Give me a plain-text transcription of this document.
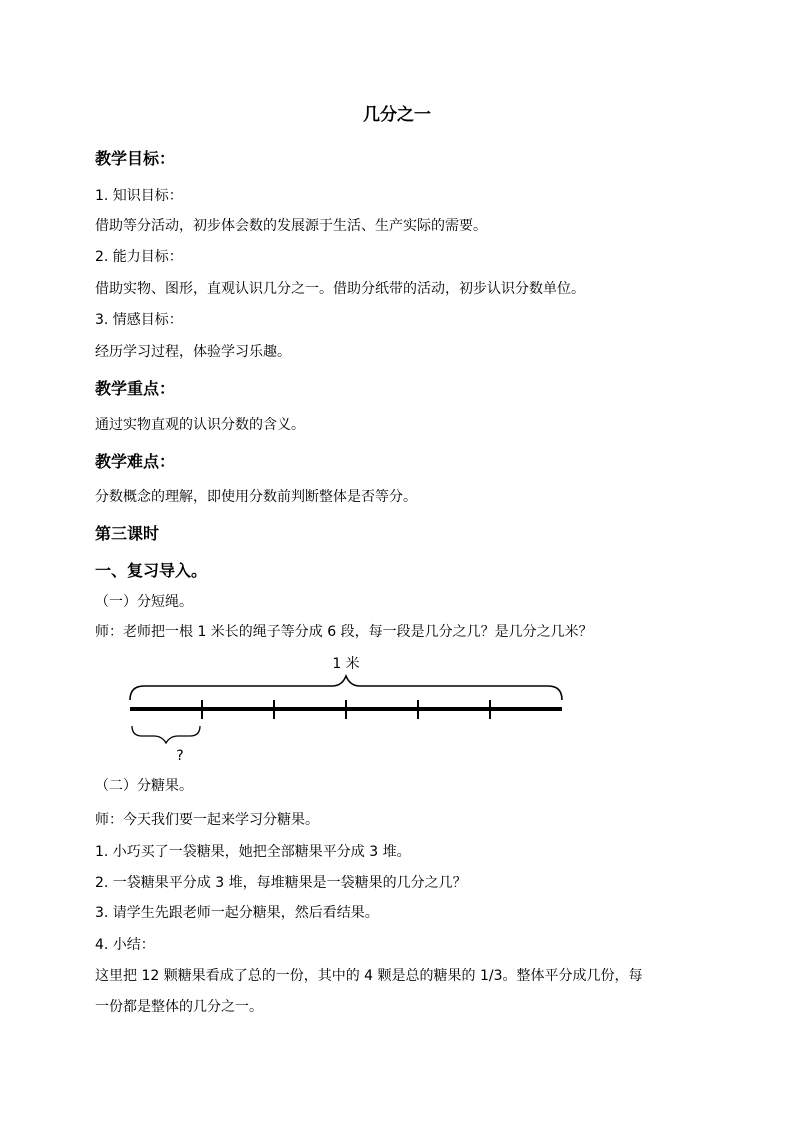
几分之一
教学目标：
1. 知识目标：
借助等分活动，初步体会数的发展源于生活、生产实际的需要。
2. 能力目标：
借助实物、图形，直观认识几分之一。借助分纸带的活动，初步认识分数单位。
3. 情感目标：
经历学习过程，体验学习乐趣。
教学重点：
通过实物直观的认识分数的含义。
教学难点：
分数概念的理解，即使用分数前判断整体是否等分。
第三课时
一、复习导入。
（一）分短绳。
师：老师把一根 1 米长的绳子等分成 6 段，每一段是几分之几？是几分之几米？
1 米
?
（二）分糖果。
师：今天我们要一起来学习分糖果。
1. 小巧买了一袋糖果，她把全部糖果平分成 3 堆。
2. 一袋糖果平分成 3 堆，每堆糖果是一袋糖果的几分之几？
3. 请学生先跟老师一起分糖果，然后看结果。
4. 小结：
这里把 12 颗糖果看成了总的一份，其中的 4 颗是总的糖果的 1/3。整体平分成几份，每
一份都是整体的几分之一。
